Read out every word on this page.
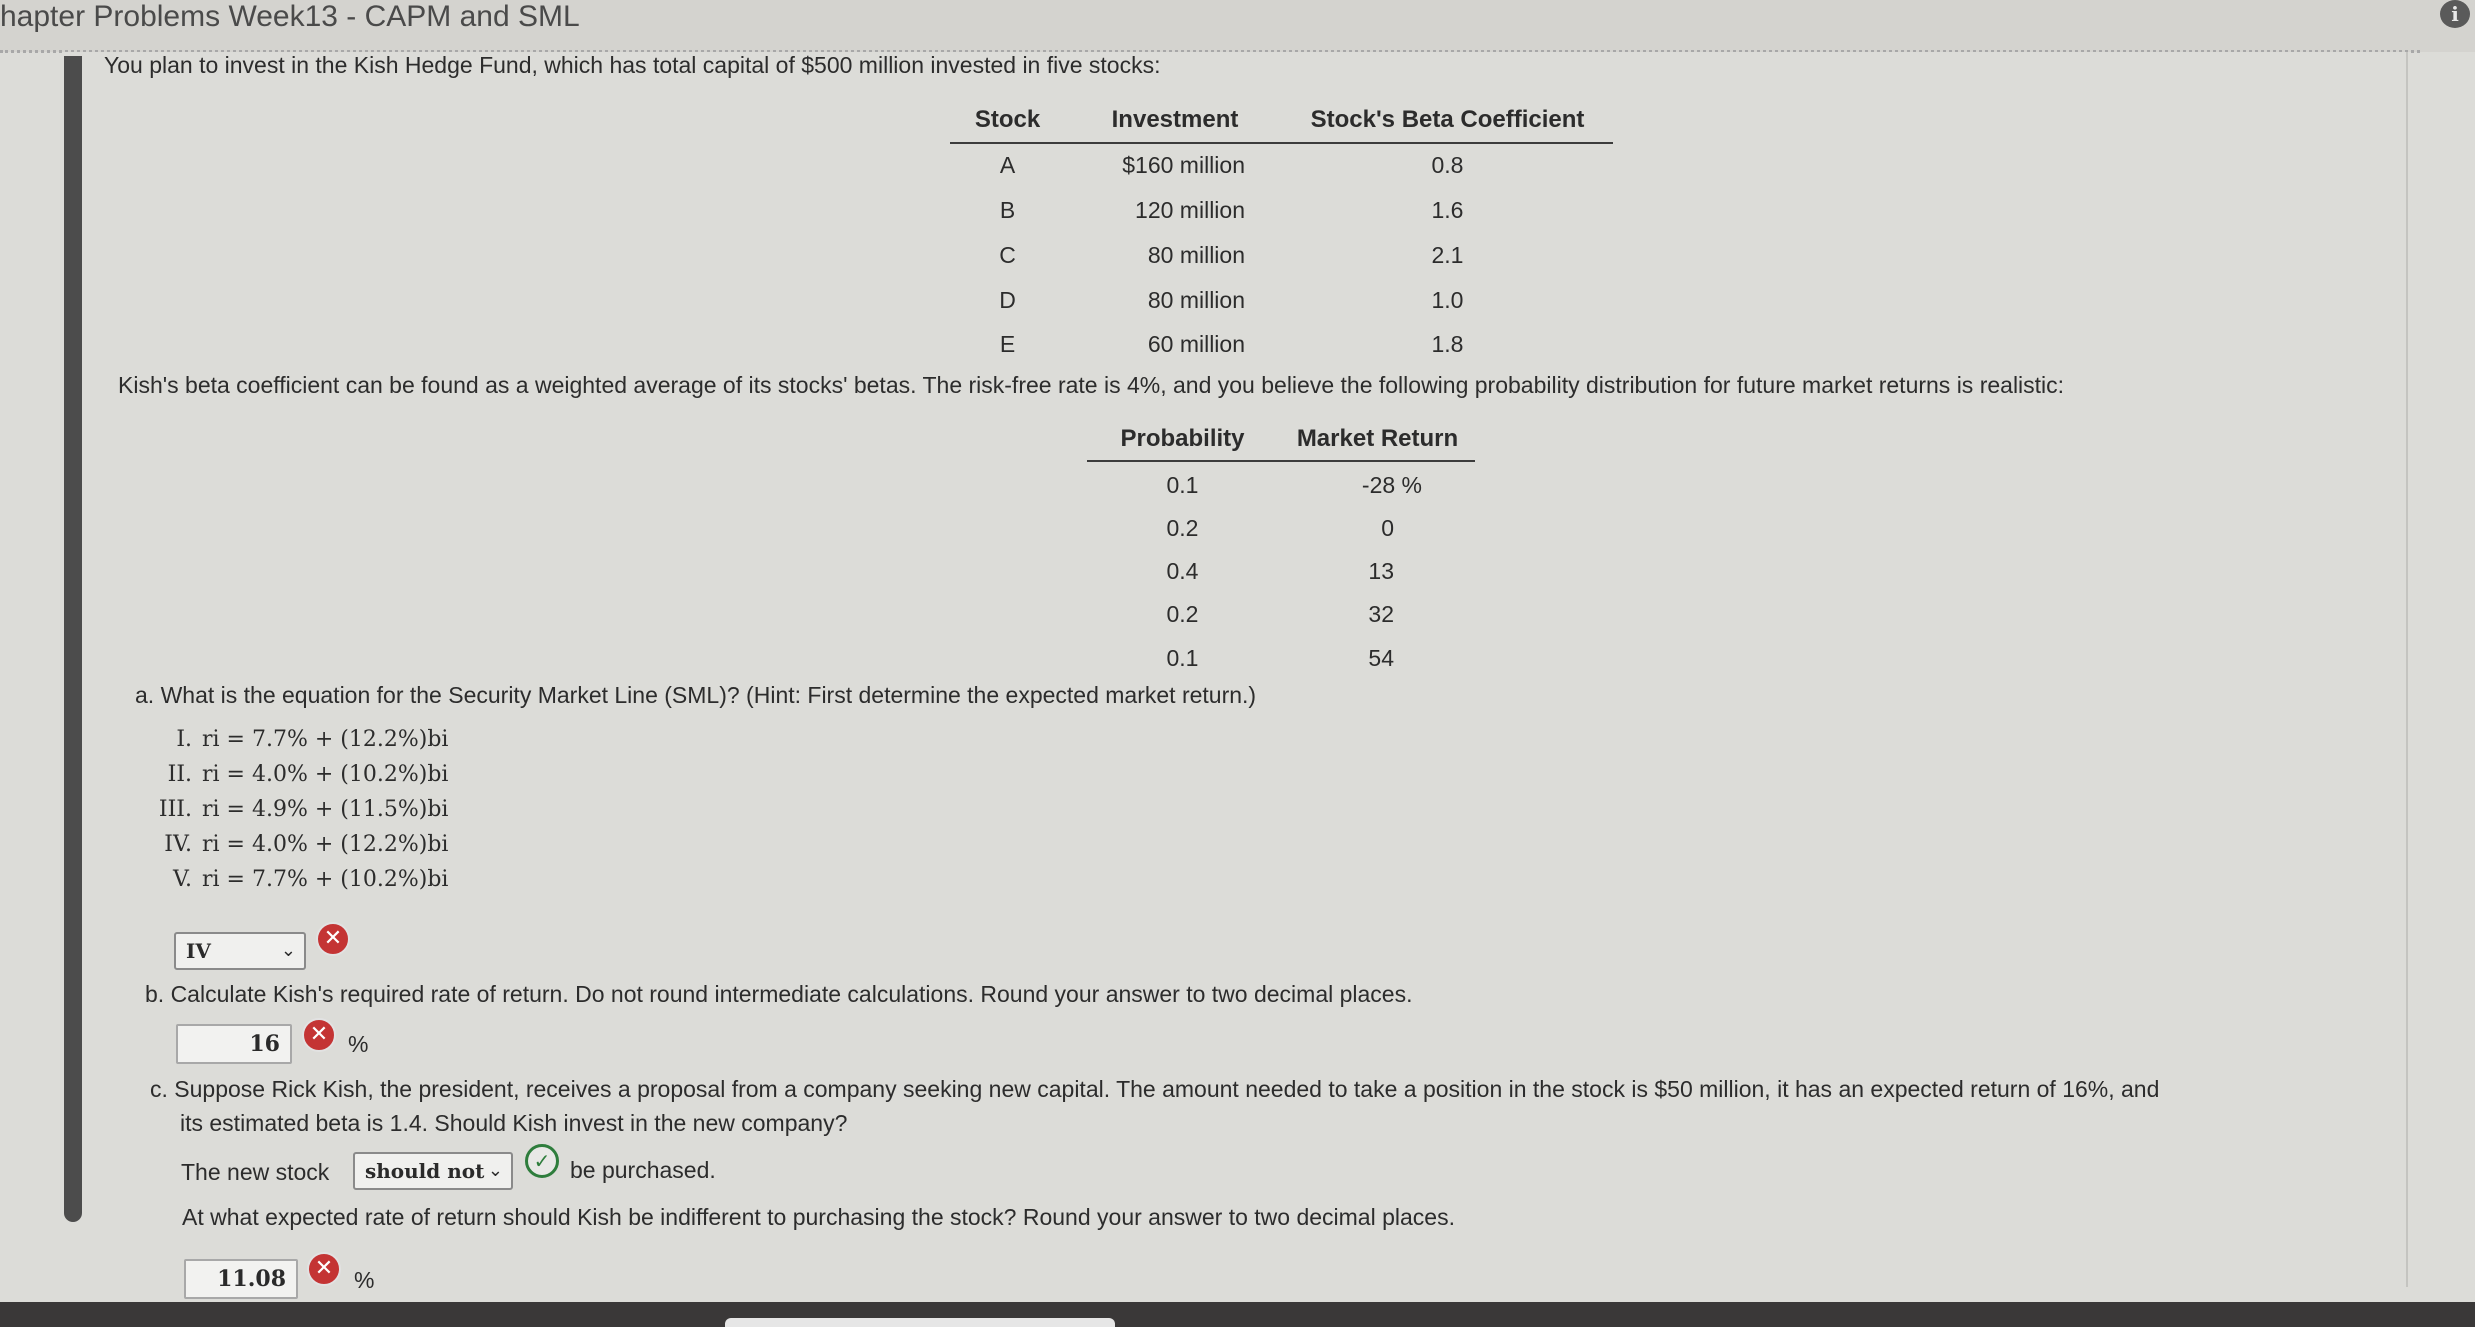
hapter Problems Week13 - CAPM and SML	i
You plan to invest in the Kish Hedge Fund, which has total capital of $500 million invested in five stocks:
Stock	Investment	Stock's Beta Coefficient
A	$160 million	0.8
B	120 million	1.6
C	80 million	2.1
D	80 million	1.0
E	60 million	1.8
Kish's beta coefficient can be found as a weighted average of its stocks' betas. The risk-free rate is 4%, and you believe the following probability distribution for future market returns is realistic:
Probability	Market Return
0.1	-28 %
0.2	0
0.4	13
0.2	32
0.1	54
a. What is the equation for the Security Market Line (SML)? (Hint: First determine the expected market return.)
I. ri = 7.7% + (12.2%)bi
II. ri = 4.0% + (10.2%)bi
III. ri = 4.9% + (11.5%)bi
IV. ri = 4.0% + (12.2%)bi
V. ri = 7.7% + (10.2%)bi
IV	⌄	✕
b. Calculate Kish's required rate of return. Do not round intermediate calculations. Round your answer to two decimal places.
16	✕ %
c. Suppose Rick Kish, the president, receives a proposal from a company seeking new capital. The amount needed to take a position in the stock is $50 million, it has an expected return of 16%, and
its estimated beta is 1.4. Should Kish invest in the new company?
The new stock	should not ⌄	✓ be purchased.
At what expected rate of return should Kish be indifferent to purchasing the stock? Round your answer to two decimal places.
11.08	✕ %
